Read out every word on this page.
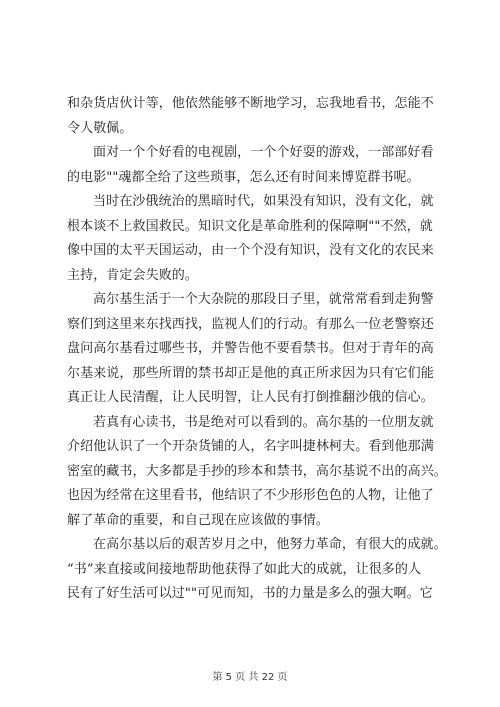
和杂货店伙计等，他依然能够不断地学习，忘我地看书，怎能不
令人敬佩。
面对一个个好看的电视剧，一个个好耍的游戏，一部部好看
的电影""魂都全给了这些琐事，怎么还有时间来博览群书呢。
当时在沙俄统治的黑暗时代，如果没有知识，没有文化，就
根本谈不上救国救民。知识文化是革命胜利的保障啊""不然，就
像中国的太平天国运动，由一个个没有知识，没有文化的农民来
主持，肯定会失败的。
高尔基生活于一个大杂院的那段日子里，就常常看到走狗警
察们到这里来东找西找，监视人们的行动。有那么一位老警察还
盘问高尔基看过哪些书，并警告他不要看禁书。但对于青年的高
尔基来说，那些所谓的禁书却正是他的真正所求因为只有它们能
真正让人民清醒，让人民明智，让人民有打倒推翻沙俄的信心。
若真有心读书，书是绝对可以看到的。高尔基的一位朋友就
介绍他认识了一个开杂货铺的人，名字叫捷林柯夫。看到他那满
密室的藏书，大多都是手抄的珍本和禁书，高尔基说不出的高兴。
也因为经常在这里看书，他结识了不少形形色色的人物，让他了
解了革命的重要，和自己现在应该做的事情。
在高尔基以后的艰苦岁月之中，他努力革命，有很大的成就。
“书”来直接或间接地帮助他获得了如此大的成就，让很多的人
民有了好生活可以过""可见而知，书的力量是多么的强大啊。它
第 5 页 共 22 页
